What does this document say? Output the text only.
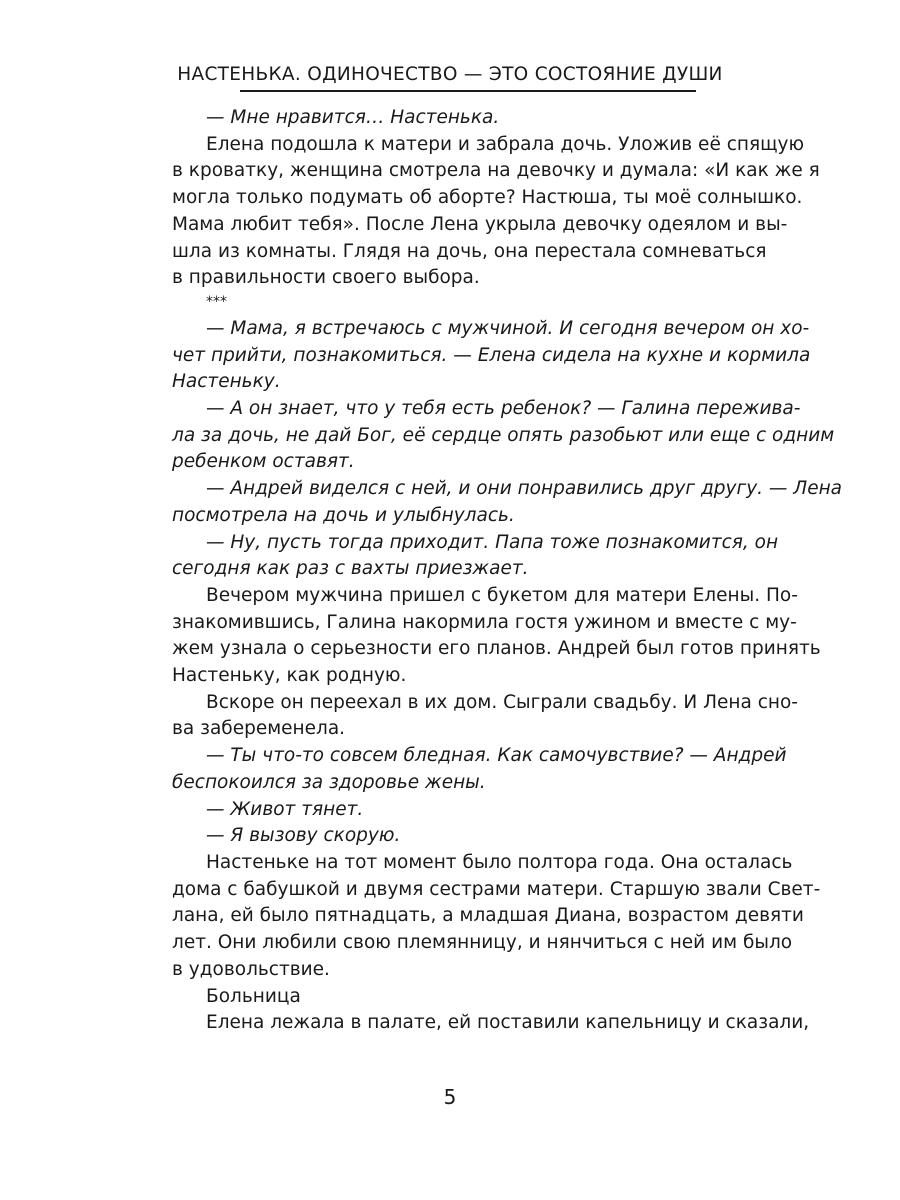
НАСТЕНЬКА. ОДИНОЧЕСТВО — ЭТО СОСТОЯНИЕ ДУШИ
— Мне нравится… Настенька.
Елена подошла к матери и забрала дочь. Уложив её спящую
в кроватку, женщина смотрела на девочку и думала: «И как же я
могла только подумать об аборте? Настюша, ты моё солнышко.
Мама любит тебя». После Лена укрыла девочку одеялом и вы-
шла из комнаты. Глядя на дочь, она перестала сомневаться
в правильности своего выбора.
***
— Мама, я встречаюсь с мужчиной. И сегодня вечером он хо-
чет прийти, познакомиться. — Елена сидела на кухне и кормила
Настеньку.
— А он знает, что у тебя есть ребенок? — Галина пережива-
ла за дочь, не дай Бог, её сердце опять разобьют или еще с одним
ребенком оставят.
— Андрей виделся с ней, и они понравились друг другу. — Лена
посмотрела на дочь и улыбнулась.
— Ну, пусть тогда приходит. Папа тоже познакомится, он
сегодня как раз с вахты приезжает.
Вечером мужчина пришел с букетом для матери Елены. По-
знакомившись, Галина накормила гостя ужином и вместе с му-
жем узнала о серьезности его планов. Андрей был готов принять
Настеньку, как родную.
Вскоре он переехал в их дом. Сыграли свадьбу. И Лена сно-
ва забеременела.
— Ты что-то совсем бледная. Как самочувствие? — Андрей
беспокоился за здоровье жены.
— Живот тянет.
— Я вызову скорую.
Настеньке на тот момент было полтора года. Она осталась
дома с бабушкой и двумя сестрами матери. Старшую звали Свет-
лана, ей было пятнадцать, а младшая Диана, возрастом девяти
лет. Они любили свою племянницу, и нянчиться с ней им было
в удовольствие.
Больница
Елена лежала в палате, ей поставили капельницу и сказали,
5
